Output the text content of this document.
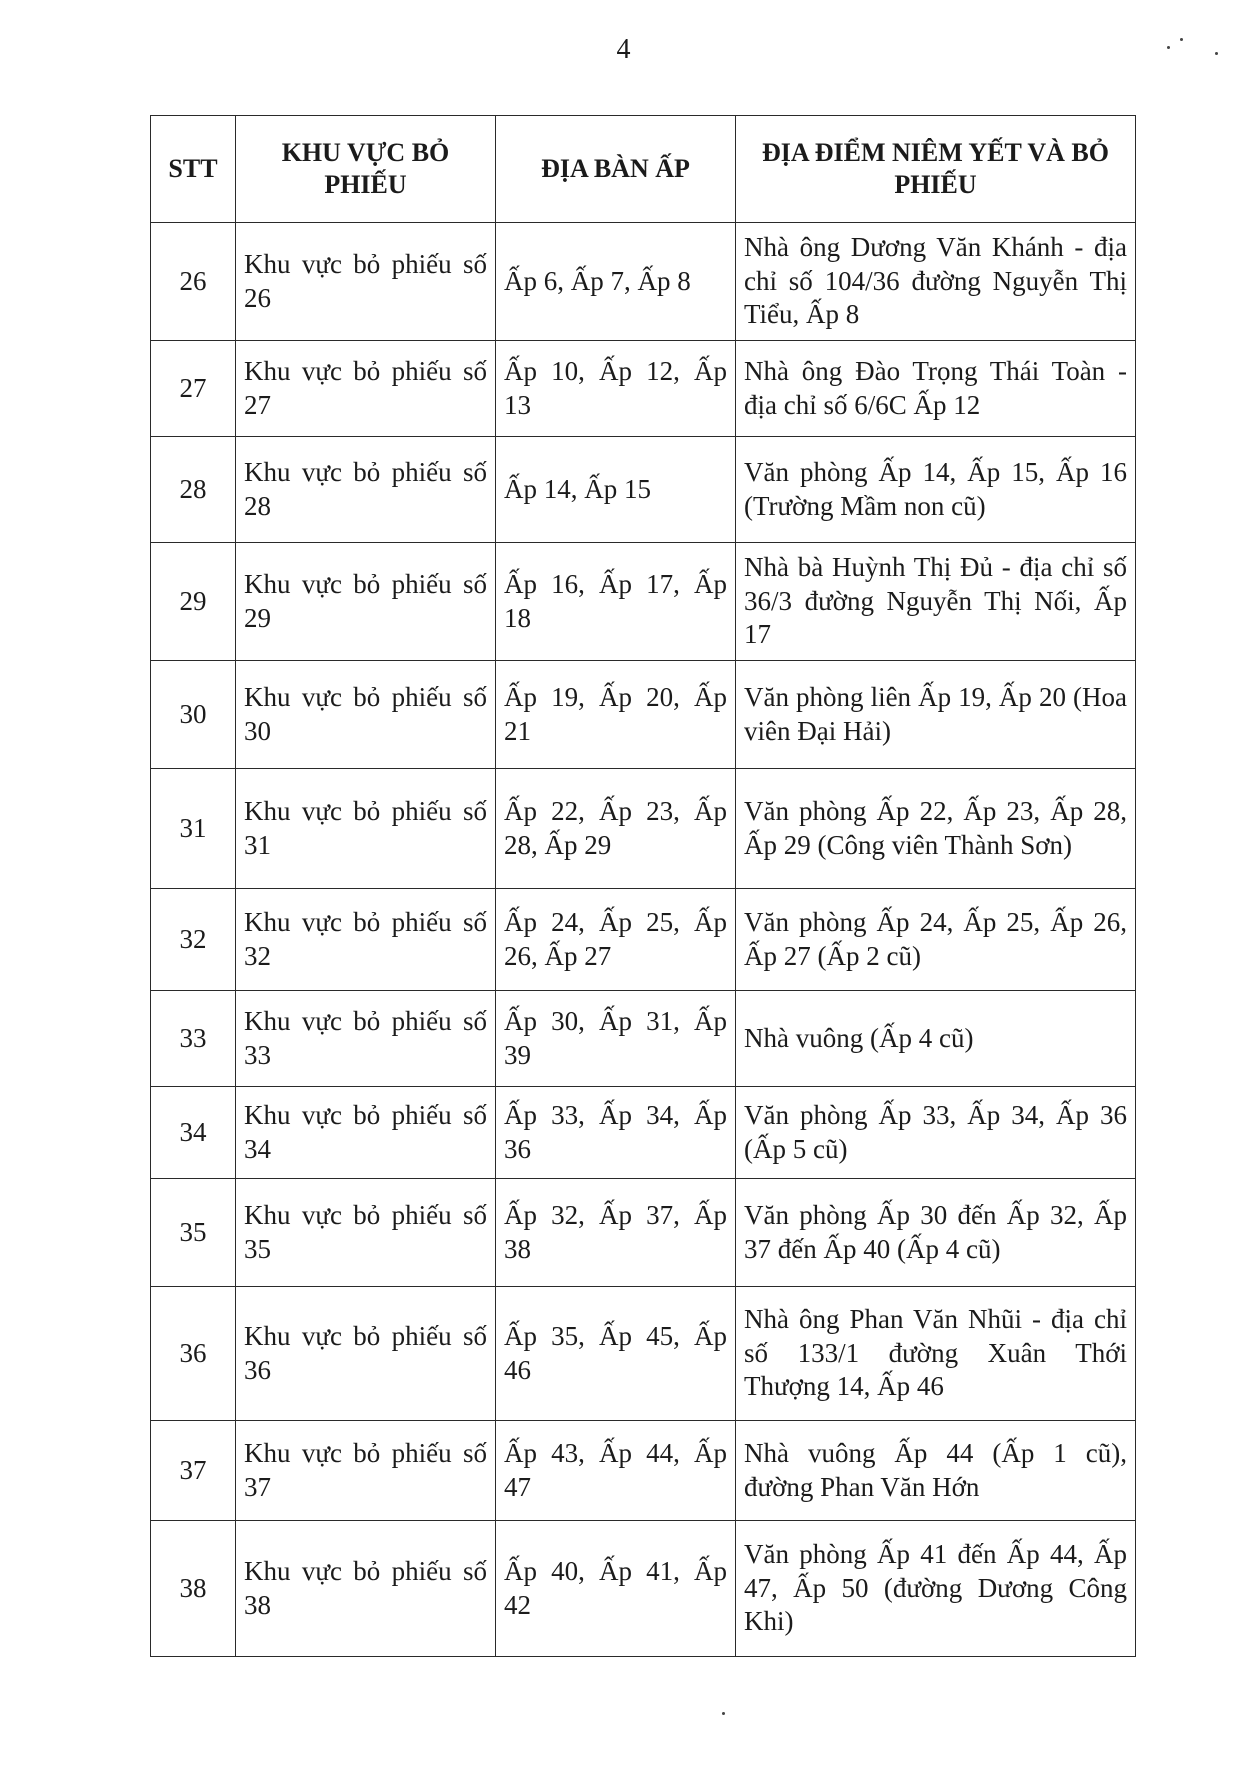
4
STT	KHU VỰC BỎ PHIẾU	ĐỊA BÀN ẤP	ĐỊA ĐIỂM NIÊM YẾT VÀ BỎ PHIẾU
26	Khu vực bỏ phiếu số 26	Ấp 6, Ấp 7, Ấp 8	Nhà ông Dương Văn Khánh - địa chỉ số 104/36 đường Nguyễn Thị Tiểu, Ấp 8
27	Khu vực bỏ phiếu số 27	Ấp 10, Ấp 12, Ấp 13	Nhà ông Đào Trọng Thái Toàn - địa chỉ số 6/6C Ấp 12
28	Khu vực bỏ phiếu số 28	Ấp 14, Ấp 15	Văn phòng Ấp 14, Ấp 15, Ấp 16 (Trường Mầm non cũ)
29	Khu vực bỏ phiếu số 29	Ấp 16, Ấp 17, Ấp 18	Nhà bà Huỳnh Thị Đủ - địa chỉ số 36/3 đường Nguyễn Thị Nối, Ấp 17
30	Khu vực bỏ phiếu số 30	Ấp 19, Ấp 20, Ấp 21	Văn phòng liên Ấp 19, Ấp 20 (Hoa viên Đại Hải)
31	Khu vực bỏ phiếu số 31	Ấp 22, Ấp 23, Ấp 28, Ấp 29	Văn phòng Ấp 22, Ấp 23, Ấp 28, Ấp 29 (Công viên Thành Sơn)
32	Khu vực bỏ phiếu số 32	Ấp 24, Ấp 25, Ấp 26, Ấp 27	Văn phòng Ấp 24, Ấp 25, Ấp 26, Ấp 27 (Ấp 2 cũ)
33	Khu vực bỏ phiếu số 33	Ấp 30, Ấp 31, Ấp 39	Nhà vuông (Ấp 4 cũ)
34	Khu vực bỏ phiếu số 34	Ấp 33, Ấp 34, Ấp 36	Văn phòng Ấp 33, Ấp 34, Ấp 36 (Ấp 5 cũ)
35	Khu vực bỏ phiếu số 35	Ấp 32, Ấp 37, Ấp 38	Văn phòng Ấp 30 đến Ấp 32, Ấp 37 đến Ấp 40 (Ấp 4 cũ)
36	Khu vực bỏ phiếu số 36	Ấp 35, Ấp 45, Ấp 46	Nhà ông Phan Văn Nhũi - địa chỉ số 133/1 đường Xuân Thới Thượng 14, Ấp 46
37	Khu vực bỏ phiếu số 37	Ấp 43, Ấp 44, Ấp 47	Nhà vuông Ấp 44 (Ấp 1 cũ), đường Phan Văn Hớn
38	Khu vực bỏ phiếu số 38	Ấp 40, Ấp 41, Ấp 42	Văn phòng Ấp 41 đến Ấp 44, Ấp 47, Ấp 50 (đường Dương Công Khi)
